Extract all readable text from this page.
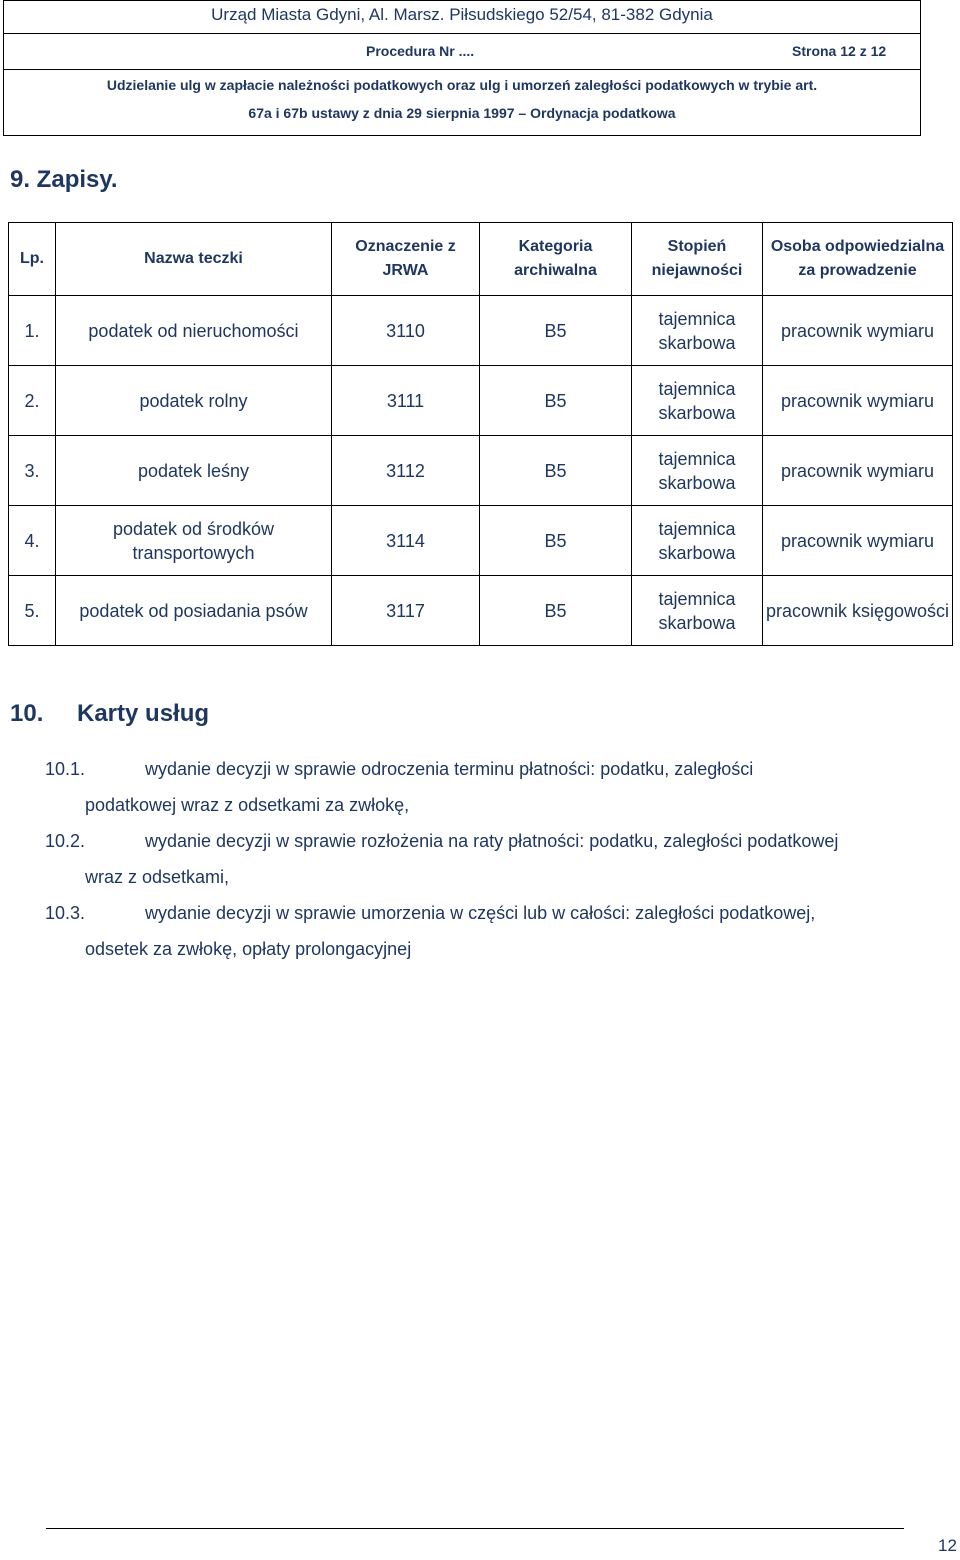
Urząd Miasta Gdyni, Al. Marsz. Piłsudskiego 52/54, 81-382 Gdynia
Procedura Nr ....	Strona 12 z 12
Udzielanie ulg w zapłacie należności podatkowych oraz ulg i umorzeń zaległości podatkowych w trybie art.
67a i 67b ustawy z dnia 29 sierpnia 1997 – Ordynacja podatkowa
9. Zapisy.
Lp.	Nazwa teczki	Oznaczenie z JRWA	Kategoria archiwalna	Stopień niejawności	Osoba odpowiedzialna za prowadzenie
1.	podatek od nieruchomości	3110	B5	tajemnica skarbowa	pracownik wymiaru
2.	podatek rolny	3111	B5	tajemnica skarbowa	pracownik wymiaru
3.	podatek leśny	3112	B5	tajemnica skarbowa	pracownik wymiaru
4.	podatek od środków transportowych	3114	B5	tajemnica skarbowa	pracownik wymiaru
5.	podatek od posiadania psów	3117	B5	tajemnica skarbowa	pracownik księgowości
10. Karty usług
10.1.	wydanie decyzji w sprawie odroczenia terminu płatności: podatku, zaległości
podatkowej wraz z odsetkami za zwłokę,
10.2.	wydanie decyzji w sprawie rozłożenia na raty płatności: podatku, zaległości podatkowej
wraz z odsetkami,
10.3.	wydanie decyzji w sprawie umorzenia w części lub w całości: zaległości podatkowej,
odsetek za zwłokę, opłaty prolongacyjnej
12
